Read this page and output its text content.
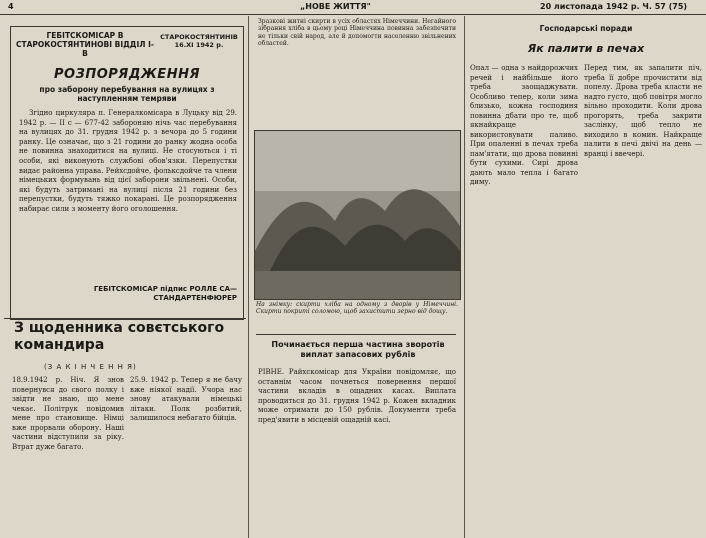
4	„НОВЕ ЖИТТЯ"	20 листопада 1942 р. Ч. 57 (75)
ГЕБІТСКОМІСАР В СТАРОКОСТЯНТИНОВІ ВІДДІЛ І-В
СТАРОКОСТЯНТИНІВ 16.XI 1942 р.
РОЗПОРЯДЖЕННЯ
про заборону перебування на вулицях з наступленням темряви
Згідно циркуляра п. Генералкомісара в Луцьку від 29. 1942 р. — II с — 677-42 забороняю нічь час перебування на вулицях до 31. грудня 1942 р. з вечора до 5 години ранку. Це означає, що з 21 години до ранку жодна особа не повинна знаходитися на вулиці. Не стосуються і ті особи, які виконують службові обов'язки. Перепустки видає районна управа. Рейхсдойче, фольксдойче та члени німецьких формувань від цієї заборони звільнені. Особи, які будуть затримані на вулиці після 21 години без перепустки, будуть тяжко покарані. Це розпорядження набирає сили з моменту його оголошення.
ГЕБІТСКОМІСАР підпис РОЛЛЕ СА—СТАНДАРТЕНФЮРЕР
З щоденника совєтського командира
(З А К І Н Ч Е Н Н Я)
18.9.1942 р. Ніч. Я знов повернувся до свого полку і звідти не знаю, що мене чекає. Політрук повідомив мене про становище. Німці вже прорвали оборону. Наші частини відступили за ріку. Втрат дуже багато.
25.9. 1942 р. Тепер я не бачу вже ніякої надії. Учора нас знову атакували німецькі літаки. Полк розбитий, залишилося небагато бійців.
Зразкові житні скирти в усіх областях Німеччини. Негайного зібрання хліба в цьому році Німеччина повинна забезпечити не тільки свій народ, але й допомогти населенню звільнених областей.
На знімку: скирти хліба на одному з дворів у Німеччині. Скирти покриті соломою, щоб захистити зерно від дощу.
Починається перша частина зворотів виплат запасових рублів
РІВНЕ. Райхскомісар для України повідомляє, що останнім часом почнеться повернення першої частини вкладів в ощадних касах. Виплата проводиться до 31. грудня 1942 р. Кожен вкладник може отримати до 150 рублів. Документи треба пред'явити в місцевій ощадній касі.
Господарські поради
Як палити в печах
Опал — одна з найдорожчих речей і найбільше його треба заощаджувати. Особливо тепер, коли зима близько, кожна господиня повинна дбати про те, щоб якнайкраще використовувати паливо. При опаленні в печах треба пам'ятати, що дрова повинні бути сухими. Сирі дрова дають мало тепла і багато диму.
Перед тим, як запалити піч, треба її добре прочистити від попелу. Дрова треба класти не надто густо, щоб повітря могло вільно проходити. Коли дрова прогорять, треба закрити заслінку, щоб тепло не виходило в комин. Найкраще палити в печі двічі на день — вранці і ввечері.
